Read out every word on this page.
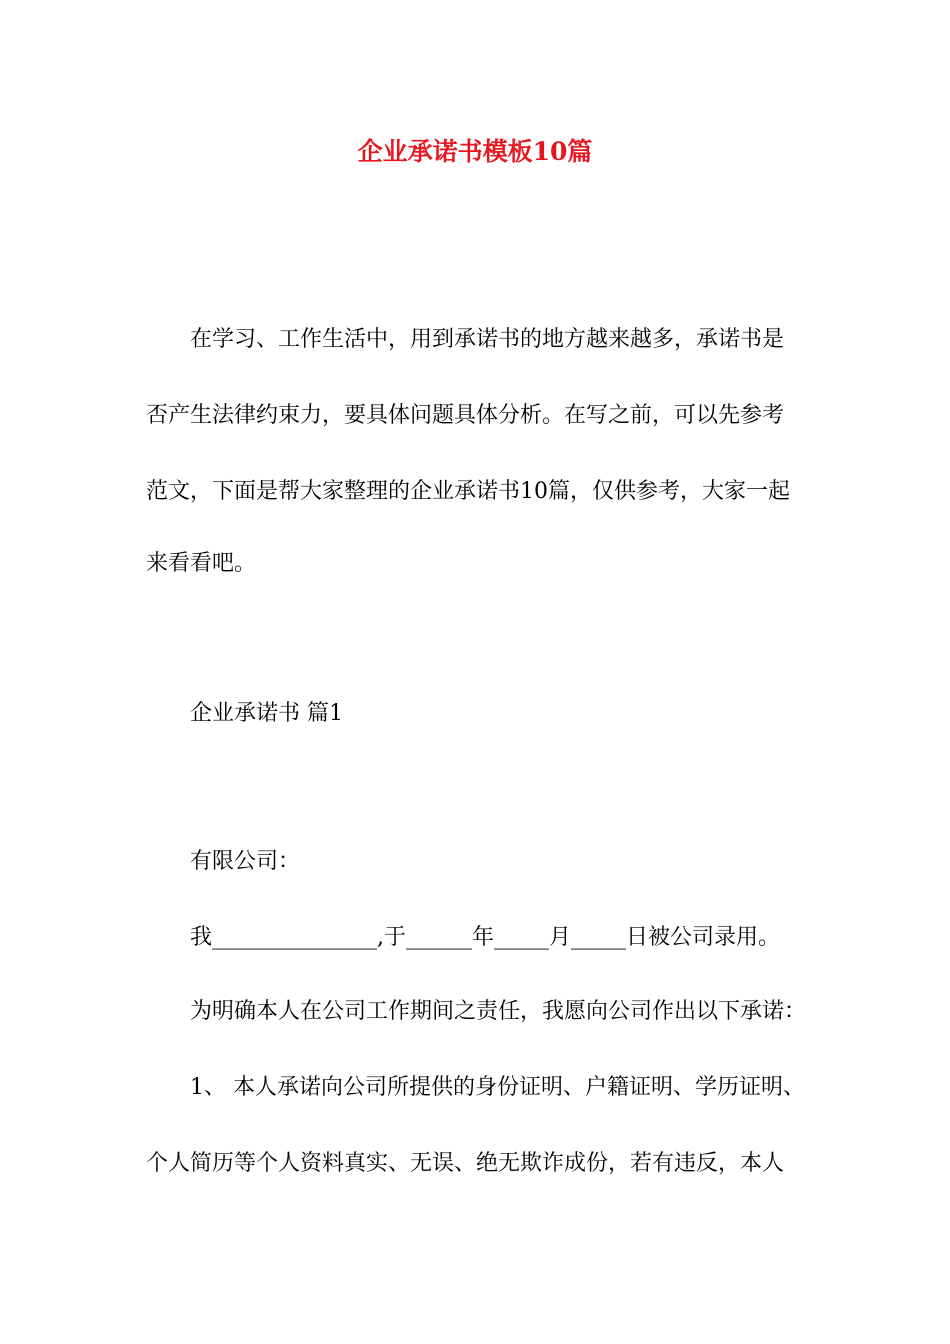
企业承诺书模板10篇
在学习、工作生活中，用到承诺书的地方越来越多，承诺书是
否产生法律约束力，要具体问题具体分析。在写之前，可以先参考
范文，下面是帮大家整理的企业承诺书10篇，仅供参考，大家一起
来看看吧。
企业承诺书 篇1
有限公司：
我_______________,于______年_____月_____日被公司录用。
为明确本人在公司工作期间之责任，我愿向公司作出以下承诺：
1、 本人承诺向公司所提供的身份证明、户籍证明、学历证明、
个人简历等个人资料真实、无误、绝无欺诈成份，若有违反，本人
